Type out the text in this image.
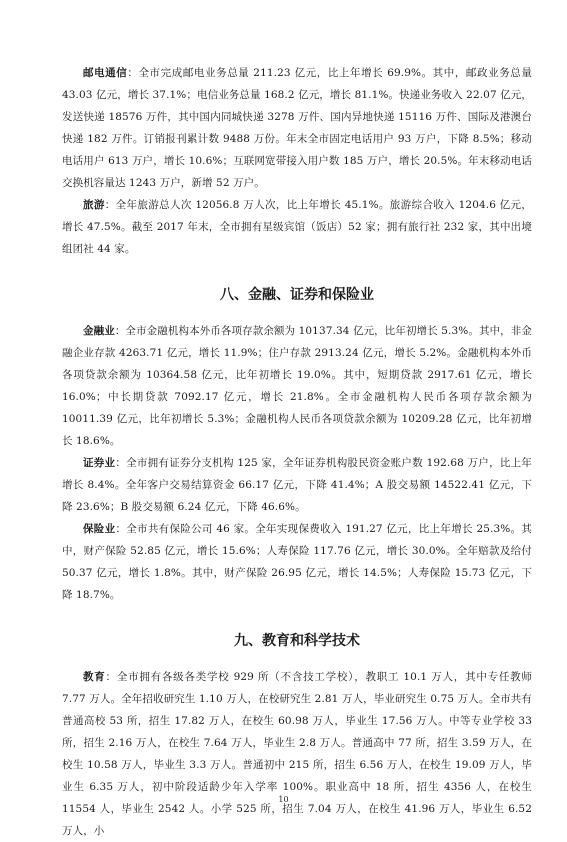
邮电通信：全市完成邮电业务总量 211.23 亿元，比上年增长 69.9%。其中，邮政业务总量 43.03 亿元，增长 37.1%；电信业务总量 168.2 亿元，增长 81.1%。快递业务收入 22.07 亿元，发送快递 18576 万件，其中国内同城快递 3278 万件、国内异地快递 15116 万件、国际及港澳台快递 182 万件。订销报刊累计数 9488 万份。年末全市固定电话用户 93 万户，下降 8.5%；移动电话用户 613 万户，增长 10.6%；互联网宽带接入用户数 185 万户，增长 20.5%。年末移动电话交换机容量达 1243 万户，新增 52 万户。

旅游：全年旅游总人次 12056.8 万人次，比上年增长 45.1%。旅游综合收入 1204.6 亿元，增长 47.5%。截至 2017 年末，全市拥有星级宾馆（饭店）52 家；拥有旅行社 232 家，其中出境组团社 44 家。

八、金融、证券和保险业

金融业：全市金融机构本外币各项存款余额为 10137.34 亿元，比年初增长 5.3%。其中，非金融企业存款 4263.71 亿元，增长 11.9%；住户存款 2913.24 亿元，增长 5.2%。金融机构本外币各项贷款余额为 10364.58 亿元，比年初增长 19.0%。其中，短期贷款 2917.61 亿元，增长 16.0%；中长期贷款 7092.17 亿元，增长 21.8%。全市金融机构人民币各项存款余额为 10011.39 亿元，比年初增长 5.3%；金融机构人民币各项贷款余额为 10209.28 亿元，比年初增长 18.6%。

证券业：全市拥有证券分支机构 125 家，全年证券机构股民资金账户数 192.68 万户，比上年增长 8.4%。全年客户交易结算资金 66.17 亿元，下降 41.4%；A 股交易额 14522.41 亿元，下降 23.6%；B 股交易额 6.24 亿元，下降 46.6%。

保险业：全市共有保险公司 46 家。全年实现保费收入 191.27 亿元，比上年增长 25.3%。其中，财产保险 52.85 亿元，增长 15.6%；人寿保险 117.76 亿元，增长 30.0%。全年赔款及给付 50.37 亿元，增长 1.8%。其中，财产保险 26.95 亿元，增长 14.5%；人寿保险 15.73 亿元，下降 18.7%。

九、教育和科学技术

教育：全市拥有各级各类学校 929 所（不含技工学校），教职工 10.1 万人，其中专任教师 7.77 万人。全年招收研究生 1.10 万人，在校研究生 2.81 万人，毕业研究生 0.75 万人。全市共有普通高校 53 所，招生 17.82 万人，在校生 60.98 万人，毕业生 17.56 万人。中等专业学校 33 所，招生 2.16 万人，在校生 7.64 万人，毕业生 2.8 万人。普通高中 77 所，招生 3.59 万人，在校生 10.58 万人，毕业生 3.3 万人。普通初中 215 所，招生 6.56 万人，在校生 19.09 万人，毕业生 6.35 万人，初中阶段适龄少年入学率 100%。职业高中 18 所，招生 4356 人，在校生 11554 人，毕业生 2542 人。小学 525 所，招生 7.04 万人，在校生 41.96 万人，毕业生 6.52 万人，小

10
